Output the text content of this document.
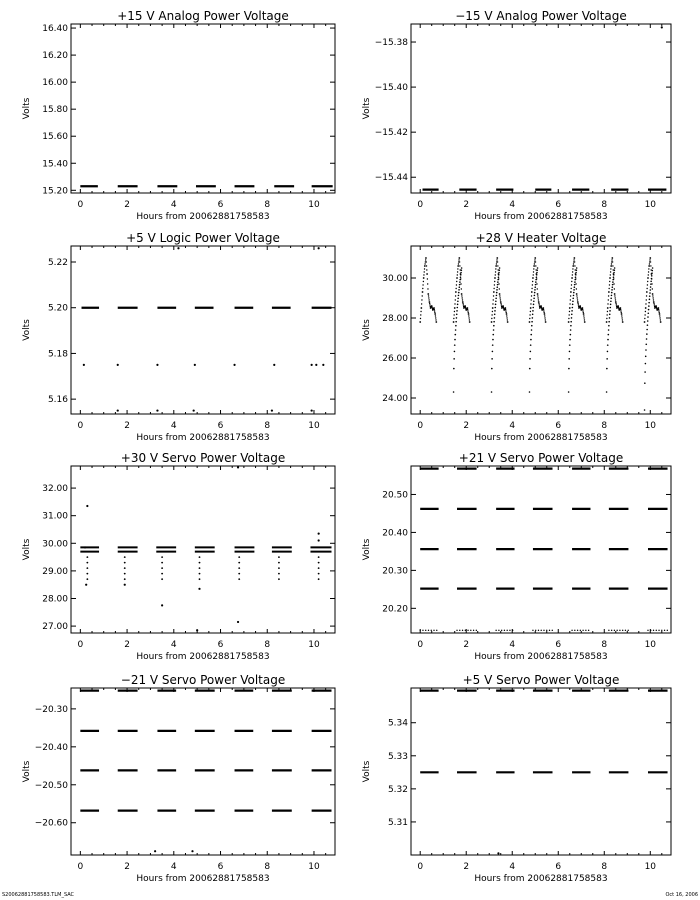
+15 V Analog Power Voltage
0	2	4	6	8	10
Hours from 20062881758583
15.20
15.40
15.60
15.80
16.00
16.20
16.40
Volts
−15 V Analog Power Voltage
0	2	4	6	8	10
Hours from 20062881758583
−15.38
−15.40
−15.42
−15.44
Volts
+5 V Logic Power Voltage
0	2	4	6	8	10
Hours from 20062881758583
5.16
5.18
5.20
5.22
Volts
+28 V Heater Voltage
0	2	4	6	8	10
Hours from 20062881758583
24.00
26.00
28.00
30.00
Volts
+30 V Servo Power Voltage
0	2	4	6	8	10
Hours from 20062881758583
27.00
28.00
29.00
30.00
31.00
32.00
Volts
+21 V Servo Power Voltage
0	2	4	6	8	10
Hours from 20062881758583
20.20
20.30
20.40
20.50
Volts
−21 V Servo Power Voltage
0	2	4	6	8	10
Hours from 20062881758583
−20.30
−20.40
−20.50
−20.60
Volts
+5 V Servo Power Voltage
0	2	4	6	8	10
Hours from 20062881758583
5.31
5.32
5.33
5.34
Volts
S20062881758583.TLM_SAC	Oct 16, 2006
